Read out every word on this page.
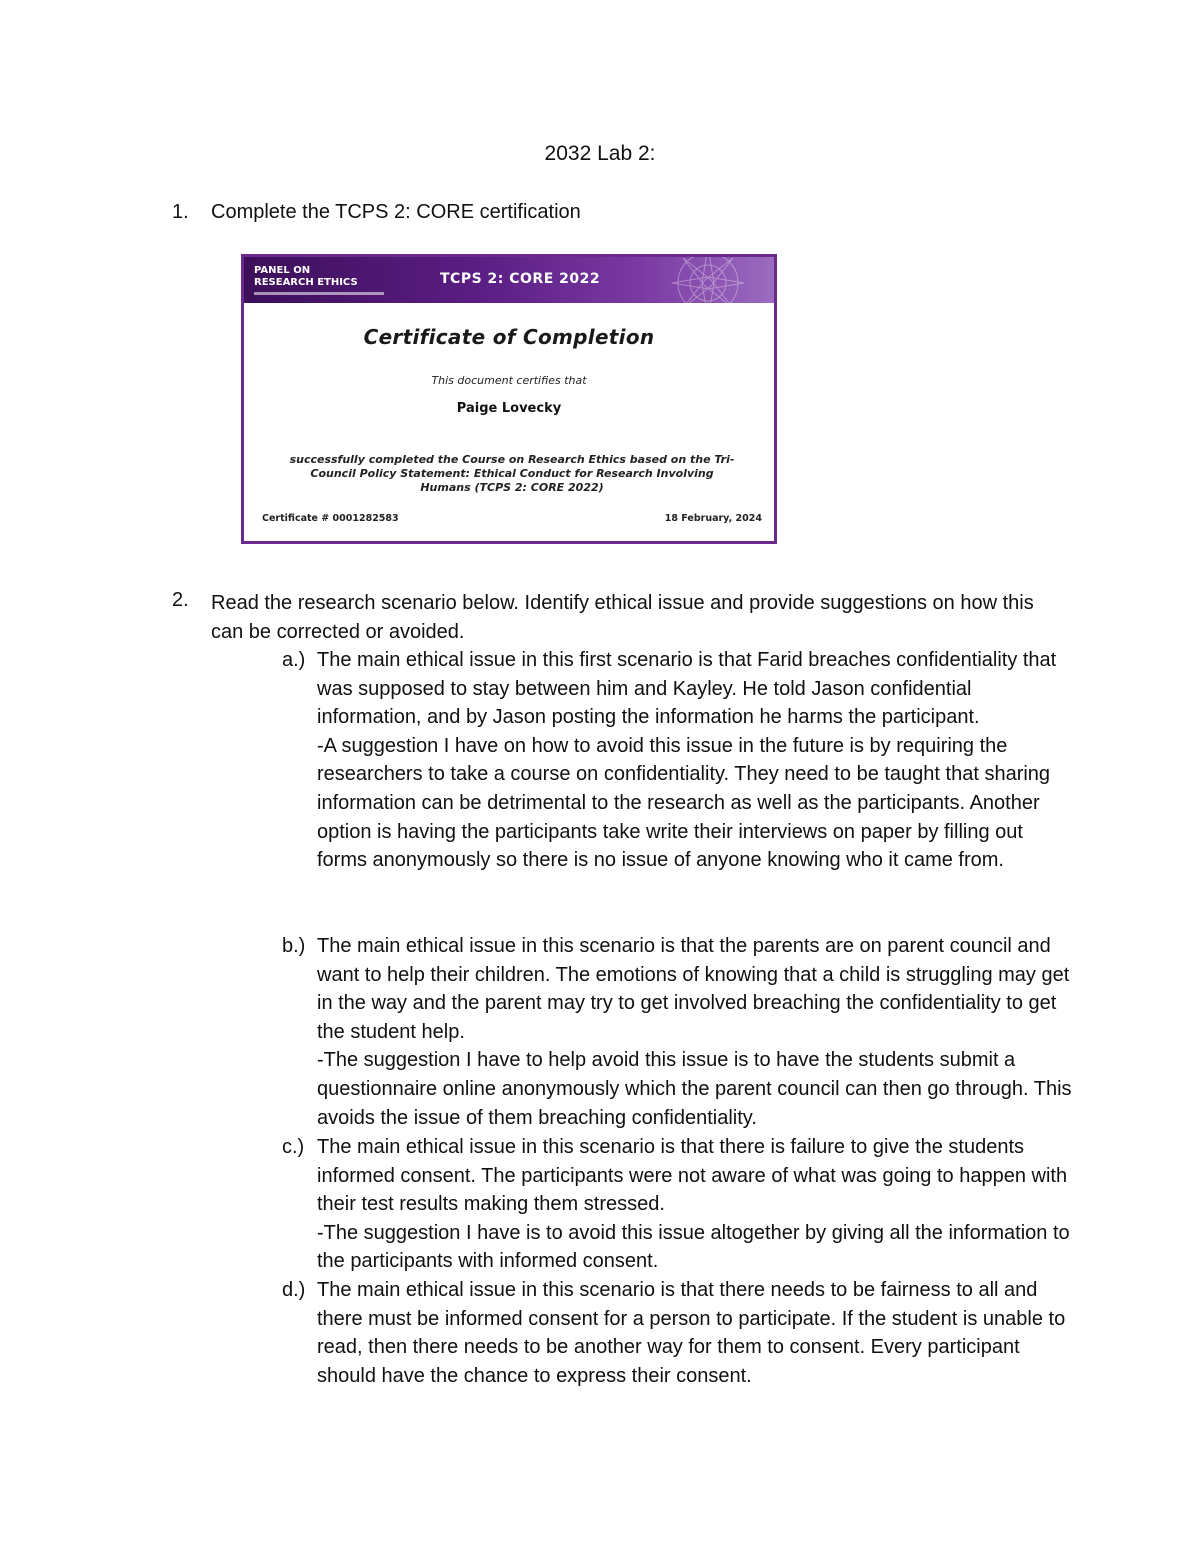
2032 Lab 2:
1. Complete the TCPS 2: CORE certification
PANEL ON
RESEARCH ETHICS	TCPS 2: CORE 2022
Certificate of Completion
This document certifies that
Paige Lovecky
successfully completed the Course on Research Ethics based on the Tri-Council Policy Statement: Ethical Conduct for Research Involving Humans (TCPS 2: CORE 2022)
Certificate # 0001282583	18 February, 2024
2. Read the research scenario below. Identify ethical issue and provide suggestions on how this can be corrected or avoided.
a.) The main ethical issue in this first scenario is that Farid breaches confidentiality that was supposed to stay between him and Kayley. He told Jason confidential information, and by Jason posting the information he harms the participant.

-A suggestion I have on how to avoid this issue in the future is by requiring the researchers to take a course on confidentiality. They need to be taught that sharing information can be detrimental to the research as well as the participants. Another option is having the participants take write their interviews on paper by filling out forms anonymously so there is no issue of anyone knowing who it came from.

b.) The main ethical issue in this scenario is that the parents are on parent council and want to help their children. The emotions of knowing that a child is struggling may get in the way and the parent may try to get involved breaching the confidentiality to get the student help.

-The suggestion I have to help avoid this issue is to have the students submit a questionnaire online anonymously which the parent council can then go through. This avoids the issue of them breaching confidentiality.

c.) The main ethical issue in this scenario is that there is failure to give the students informed consent. The participants were not aware of what was going to happen with their test results making them stressed.

-The suggestion I have is to avoid this issue altogether by giving all the information to the participants with informed consent.

d.) The main ethical issue in this scenario is that there needs to be fairness to all and there must be informed consent for a person to participate. If the student is unable to read, then there needs to be another way for them to consent. Every participant should have the chance to express their consent.
